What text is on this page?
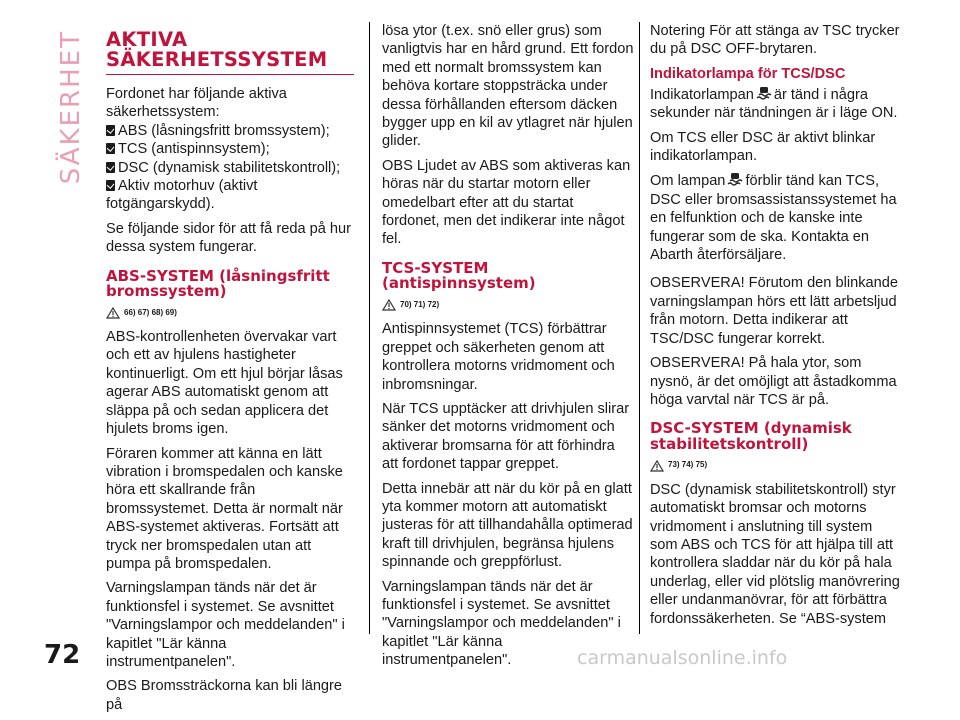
SÄKERHET
72	carmanualsonline.info
AKTIVA SÄKERHETSSYSTEM

Fordonet har följande aktiva säkerhetssystem:

ABS (låsningsfritt bromssystem);
TCS (antispinnsystem);
DSC (dynamisk stabilitetskontroll);
Aktiv motorhuv (aktivt fotgängarskydd).

Se följande sidor för att få reda på hur dessa system fungerar.

ABS-SYSTEM (låsningsfritt bromssystem)
66) 67) 68) 69)

ABS-kontrollenheten övervakar vart och ett av hjulens hastigheter kontinuerligt. Om ett hjul börjar låsas agerar ABS automatiskt genom att släppa på och sedan applicera det hjulets broms igen.

Föraren kommer att känna en lätt vibration i bromspedalen och kanske höra ett skallrande från bromssystemet. Detta är normalt när ABS-systemet aktiveras. Fortsätt att tryck ner bromspedalen utan att pumpa på bromspedalen.

Varningslampan tänds när det är funktionsfel i systemet. Se avsnittet "Varningslampor och meddelanden" i kapitlet "Lär känna instrumentpanelen".

OBS Bromssträckorna kan bli längre på

lösa ytor (t.ex. snö eller grus) som vanligtvis har en hård grund. Ett fordon med ett normalt bromssystem kan behöva kortare stoppsträcka under dessa förhållanden eftersom däcken bygger upp en kil av ytlagret när hjulen glider.

OBS Ljudet av ABS som aktiveras kan höras när du startar motorn eller omedelbart efter att du startat fordonet, men det indikerar inte något fel.

TCS-SYSTEM (antispinnsystem)
70) 71) 72)

Antispinnsystemet (TCS) förbättrar greppet och säkerheten genom att kontrollera motorns vridmoment och inbromsningar.

När TCS upptäcker att drivhjulen slirar sänker det motorns vridmoment och aktiverar bromsarna för att förhindra att fordonet tappar greppet.

Detta innebär att när du kör på en glatt yta kommer motorn att automatiskt justeras för att tillhandahålla optimerad kraft till drivhjulen, begränsa hjulens spinnande och greppförlust.

Varningslampan tänds när det är funktionsfel i systemet. Se avsnittet "Varningslampor och meddelanden" i kapitlet "Lär känna instrumentpanelen".

Notering För att stänga av TSC trycker du på DSC OFF-brytaren.

Indikatorlampa för TCS/DSC

Indikatorlampan är tänd i några sekunder när tändningen är i läge ON.

Om TCS eller DSC är aktivt blinkar indikatorlampan.

Om lampan förblir tänd kan TCS, DSC eller bromsassistanssystemet ha en felfunktion och de kanske inte fungerar som de ska. Kontakta en Abarth återförsäljare.

OBSERVERA! Förutom den blinkande varningslampan hörs ett lätt arbetsljud från motorn. Detta indikerar att TSC/DSC fungerar korrekt.

OBSERVERA! På hala ytor, som nysnö, är det omöjligt att åstadkomma höga varvtal när TCS är på.

DSC-SYSTEM (dynamisk stabilitetskontroll)
73) 74) 75)

DSC (dynamisk stabilitetskontroll) styr automatiskt bromsar och motorns vridmoment i anslutning till system som ABS och TCS för att hjälpa till att kontrollera sladdar när du kör på hala underlag, eller vid plötslig manövrering eller undanmanövrar, för att förbättra fordonssäkerheten. Se “ABS-system
